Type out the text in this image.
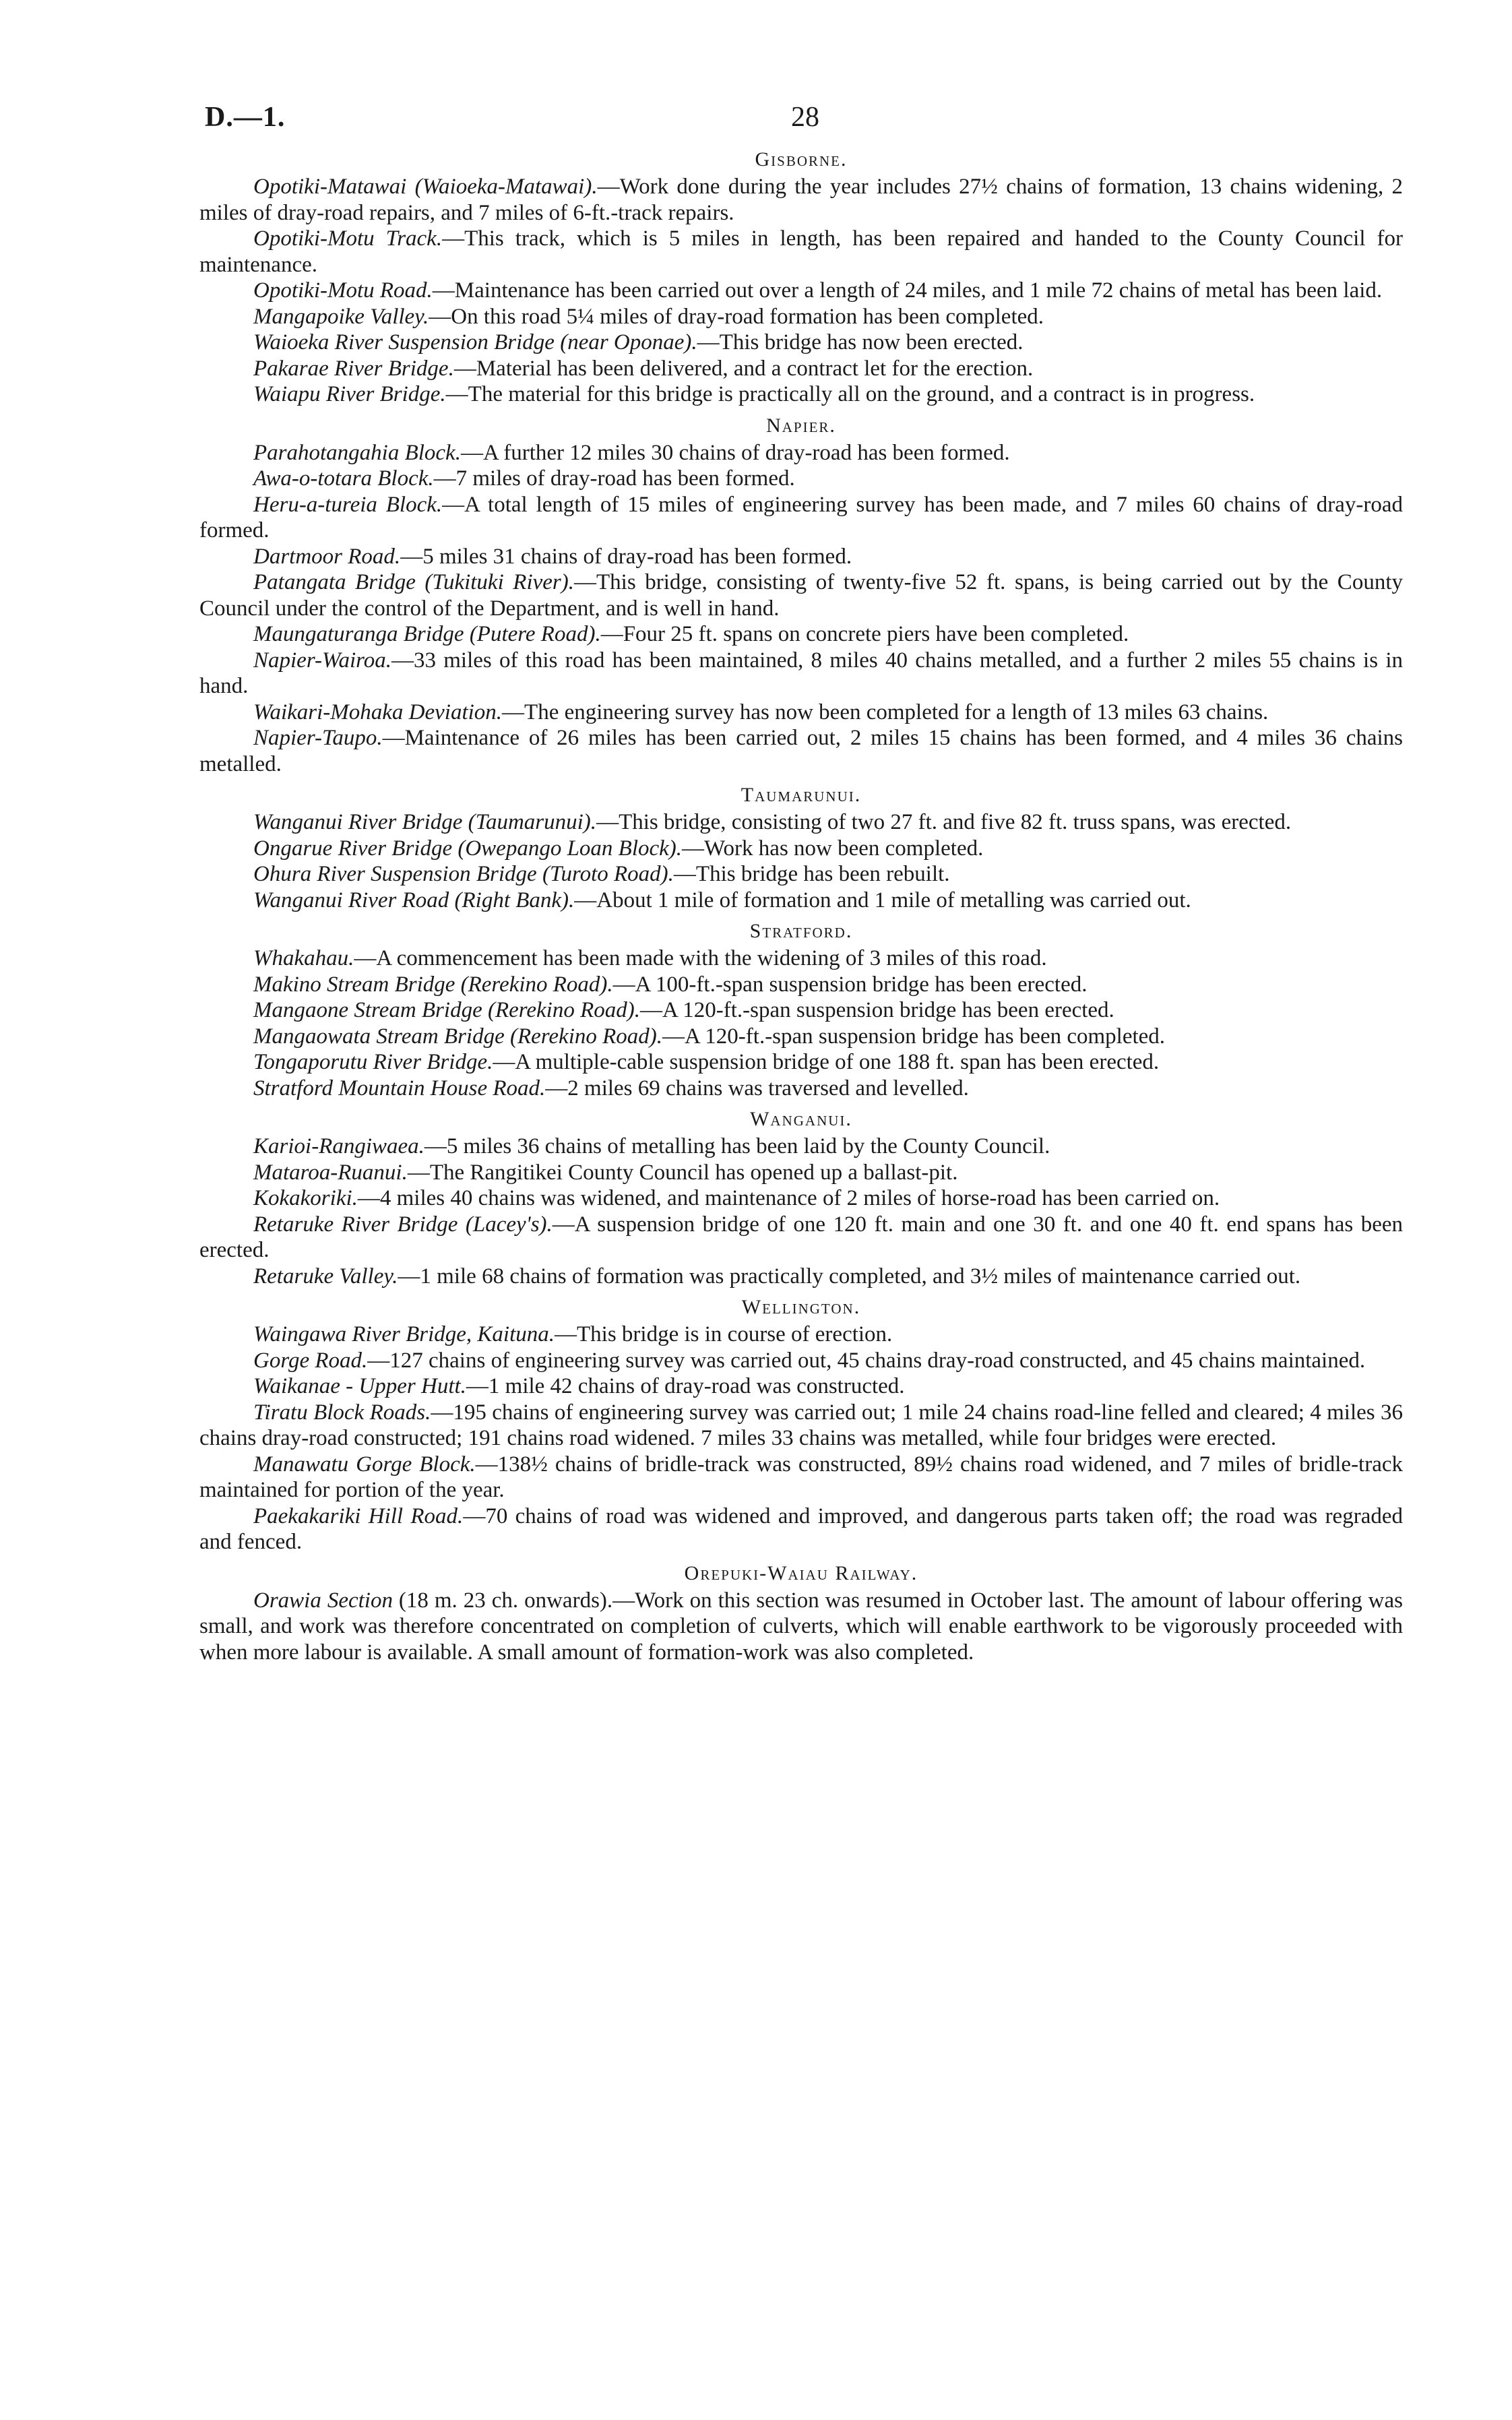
D.—1.	28
Gisborne.

Opotiki-Matawai (Waioeka-Matawai).—Work done during the year includes 27½ chains of formation, 13 chains widening, 2 miles of dray-road repairs, and 7 miles of 6-ft.-track repairs.

Opotiki-Motu Track.—This track, which is 5 miles in length, has been repaired and handed to the County Council for maintenance.

Opotiki-Motu Road.—Maintenance has been carried out over a length of 24 miles, and 1 mile 72 chains of metal has been laid.

Mangapoike Valley.—On this road 5¼ miles of dray-road formation has been completed.

Waioeka River Suspension Bridge (near Oponae).—This bridge has now been erected.

Pakarae River Bridge.—Material has been delivered, and a contract let for the erection.

Waiapu River Bridge.—The material for this bridge is practically all on the ground, and a contract is in progress.

Napier.

Parahotangahia Block.—A further 12 miles 30 chains of dray-road has been formed.

Awa-o-totara Block.—7 miles of dray-road has been formed.

Heru-a-tureia Block.—A total length of 15 miles of engineering survey has been made, and 7 miles 60 chains of dray-road formed.

Dartmoor Road.—5 miles 31 chains of dray-road has been formed.

Patangata Bridge (Tukituki River).—This bridge, consisting of twenty-five 52 ft. spans, is being carried out by the County Council under the control of the Department, and is well in hand.

Maungaturanga Bridge (Putere Road).—Four 25 ft. spans on concrete piers have been completed.

Napier-Wairoa.—33 miles of this road has been maintained, 8 miles 40 chains metalled, and a further 2 miles 55 chains is in hand.

Waikari-Mohaka Deviation.—The engineering survey has now been completed for a length of 13 miles 63 chains.

Napier-Taupo.—Maintenance of 26 miles has been carried out, 2 miles 15 chains has been formed, and 4 miles 36 chains metalled.

Taumarunui.

Wanganui River Bridge (Taumarunui).—This bridge, consisting of two 27 ft. and five 82 ft. truss spans, was erected.

Ongarue River Bridge (Owepango Loan Block).—Work has now been completed.

Ohura River Suspension Bridge (Turoto Road).—This bridge has been rebuilt.

Wanganui River Road (Right Bank).—About 1 mile of formation and 1 mile of metalling was carried out.

Stratford.

Whakahau.—A commencement has been made with the widening of 3 miles of this road.

Makino Stream Bridge (Rerekino Road).—A 100-ft.-span suspension bridge has been erected.

Mangaone Stream Bridge (Rerekino Road).—A 120-ft.-span suspension bridge has been erected.

Mangaowata Stream Bridge (Rerekino Road).—A 120-ft.-span suspension bridge has been completed.

Tongaporutu River Bridge.—A multiple-cable suspension bridge of one 188 ft. span has been erected.

Stratford Mountain House Road.—2 miles 69 chains was traversed and levelled.

Wanganui.

Karioi-Rangiwaea.—5 miles 36 chains of metalling has been laid by the County Council.

Mataroa-Ruanui.—The Rangitikei County Council has opened up a ballast-pit.

Kokakoriki.—4 miles 40 chains was widened, and maintenance of 2 miles of horse-road has been carried on.

Retaruke River Bridge (Lacey's).—A suspension bridge of one 120 ft. main and one 30 ft. and one 40 ft. end spans has been erected.

Retaruke Valley.—1 mile 68 chains of formation was practically completed, and 3½ miles of maintenance carried out.

Wellington.

Waingawa River Bridge, Kaituna.—This bridge is in course of erection.

Gorge Road.—127 chains of engineering survey was carried out, 45 chains dray-road constructed, and 45 chains maintained.

Waikanae - Upper Hutt.—1 mile 42 chains of dray-road was constructed.

Tiratu Block Roads.—195 chains of engineering survey was carried out; 1 mile 24 chains road-line felled and cleared; 4 miles 36 chains dray-road constructed; 191 chains road widened. 7 miles 33 chains was metalled, while four bridges were erected.

Manawatu Gorge Block.—138½ chains of bridle-track was constructed, 89½ chains road widened, and 7 miles of bridle-track maintained for portion of the year.

Paekakariki Hill Road.—70 chains of road was widened and improved, and dangerous parts taken off; the road was regraded and fenced.

Orepuki-Waiau Railway.

Orawia Section (18 m. 23 ch. onwards).—Work on this section was resumed in October last. The amount of labour offering was small, and work was therefore concentrated on completion of culverts, which will enable earthwork to be vigorously proceeded with when more labour is available. A small amount of formation-work was also completed.
